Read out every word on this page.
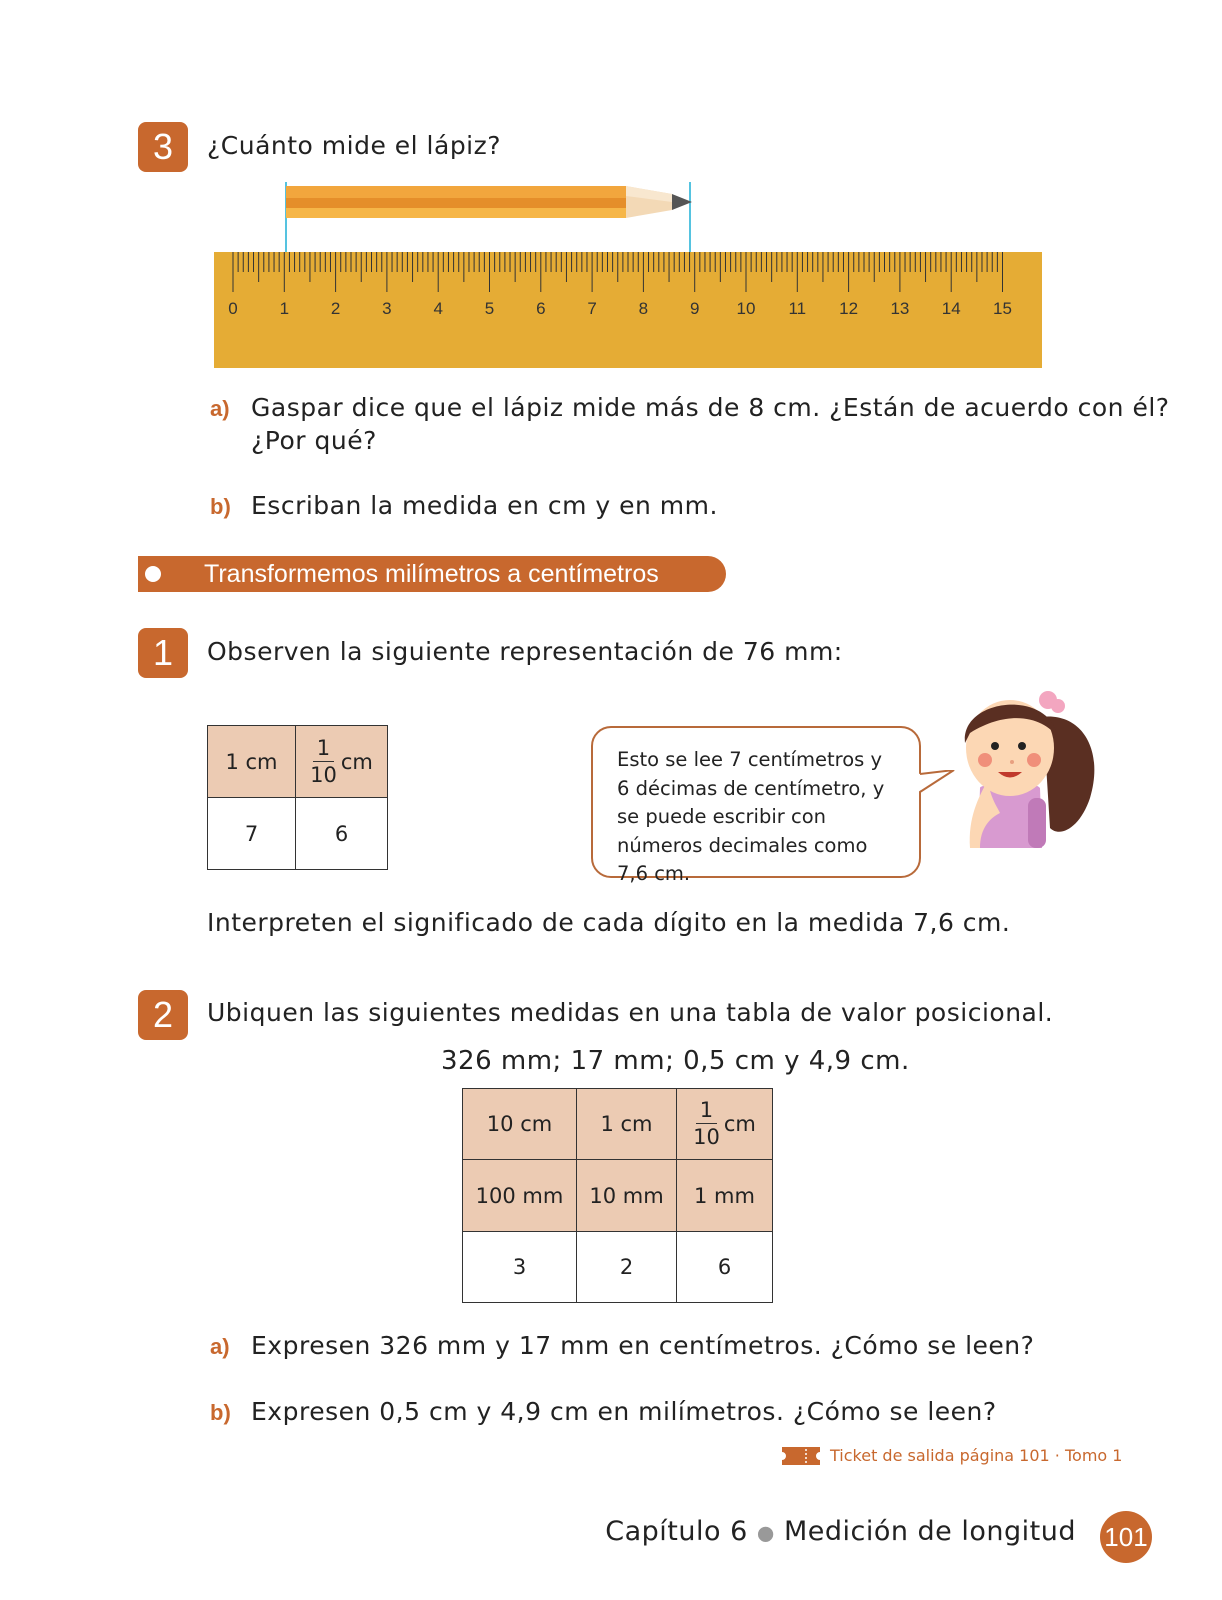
3	¿Cuánto mide el lápiz?
0 1 2 3 4 5 6 7 8 9 10 11 12 13 14 15
a) Gaspar dice que el lápiz mide más de 8 cm. ¿Están de acuerdo con él?
¿Por qué?
b) Escriban la medida en cm y en mm.
Transformemos milímetros a centímetros
1	Observen la siguiente representación de 76 mm:
1 cm	$\frac{1}{10}$ cm
7	6
Esto se lee 7 centímetros y 6 décimas de centímetro, y se puede escribir con números decimales como 7,6 cm.
Interpreten el significado de cada dígito en la medida 7,6 cm.
2	Ubiquen las siguientes medidas en una tabla de valor posicional.
326 mm; 17 mm; 0,5 cm y 4,9 cm.
10 cm	1 cm	$\frac{1}{10}$ cm
100 mm	10 mm	1 mm
3	2	6
a) Expresen 326 mm y 17 mm en centímetros. ¿Cómo se leen?
b) Expresen 0,5 cm y 4,9 cm en milímetros. ¿Cómo se leen?
Ticket de salida página 101 · Tomo 1
Capítulo 6 ● Medición de longitud 101
